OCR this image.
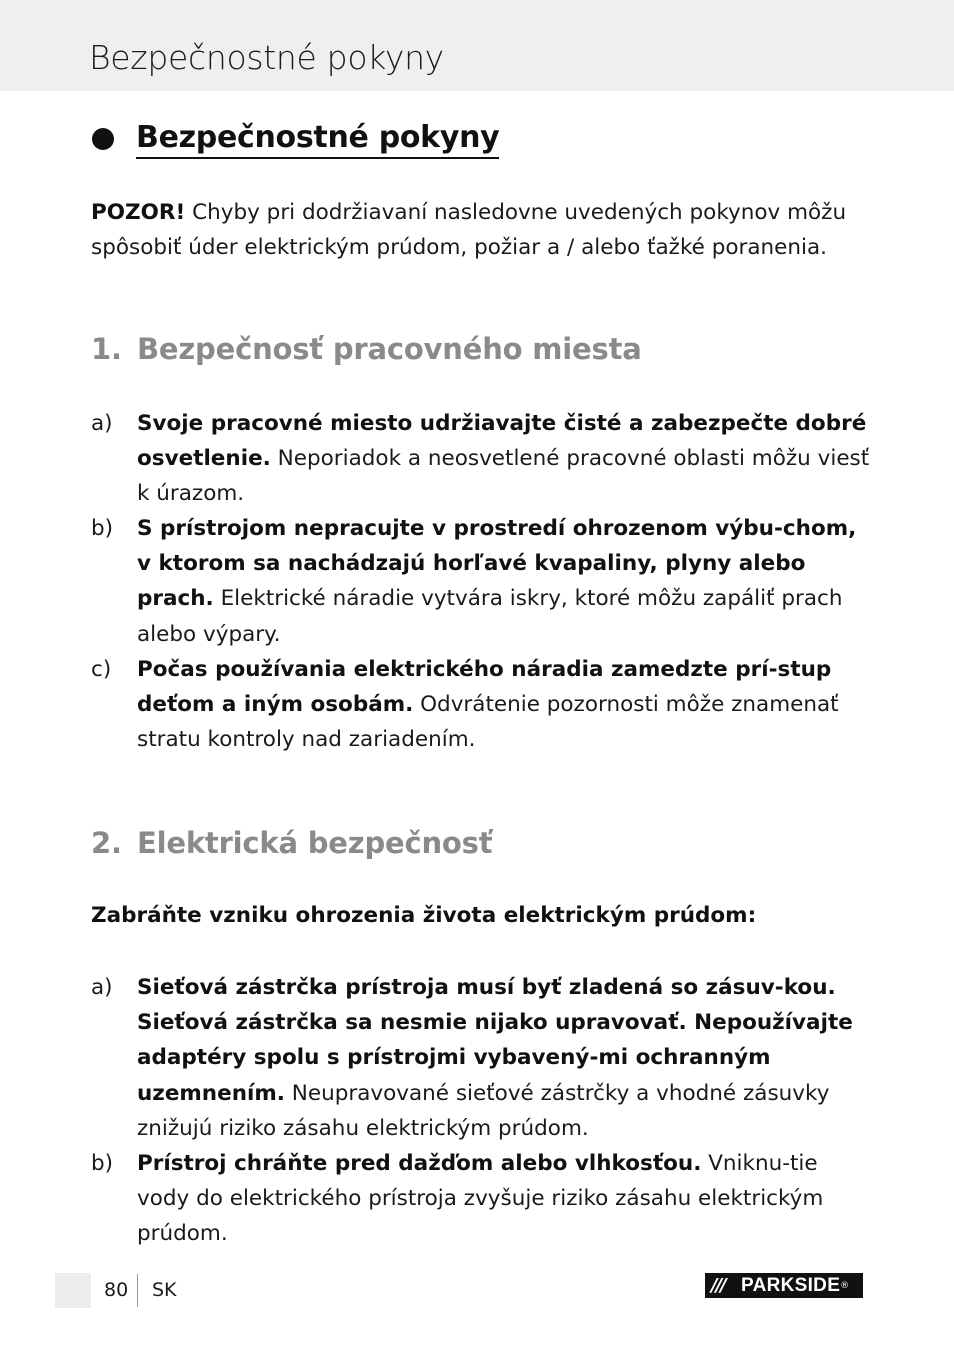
Bezpečnostné pokyny
Bezpečnostné pokyny
POZOR! Chyby pri dodržiavaní nasledovne uvedených pokynov môžu spôsobiť úder elektrickým prúdom, požiar a / alebo ťažké poranenia.
1. Bezpečnosť pracovného miesta
a)	Svoje pracovné miesto udržiavajte čisté a zabezpečte dobré osvetlenie. Neporiadok a neosvetlené pracovné oblasti môžu viesť k úrazom.
b)	S prístrojom nepracujte v prostredí ohrozenom výbu-chom, v ktorom sa nachádzajú horľavé kvapaliny, plyny alebo prach. Elektrické náradie vytvára iskry, ktoré môžu zapáliť prach alebo výpary.
c)	Počas používania elektrického náradia zamedzte prí-stup deťom a iným osobám. Odvrátenie pozornosti môže znamenať stratu kontroly nad zariadením.
2. Elektrická bezpečnosť
Zabráňte vzniku ohrozenia života elektrickým prúdom:
a)	Sieťová zástrčka prístroja musí byť zladená so zásuv-kou. Sieťová zástrčka sa nesmie nijako upravovať. Nepoužívajte adaptéry spolu s prístrojmi vybavený-mi ochranným uzemnením. Neupravované sieťové zástrčky a vhodné zásuvky znižujú riziko zásahu elektrickým prúdom.
b)	Prístroj chráňte pred dažďom alebo vlhkosťou. Vniknu-tie vody do elektrického prístroja zvyšuje riziko zásahu elektrickým prúdom.
80 SK	/// PARKSIDE ®
